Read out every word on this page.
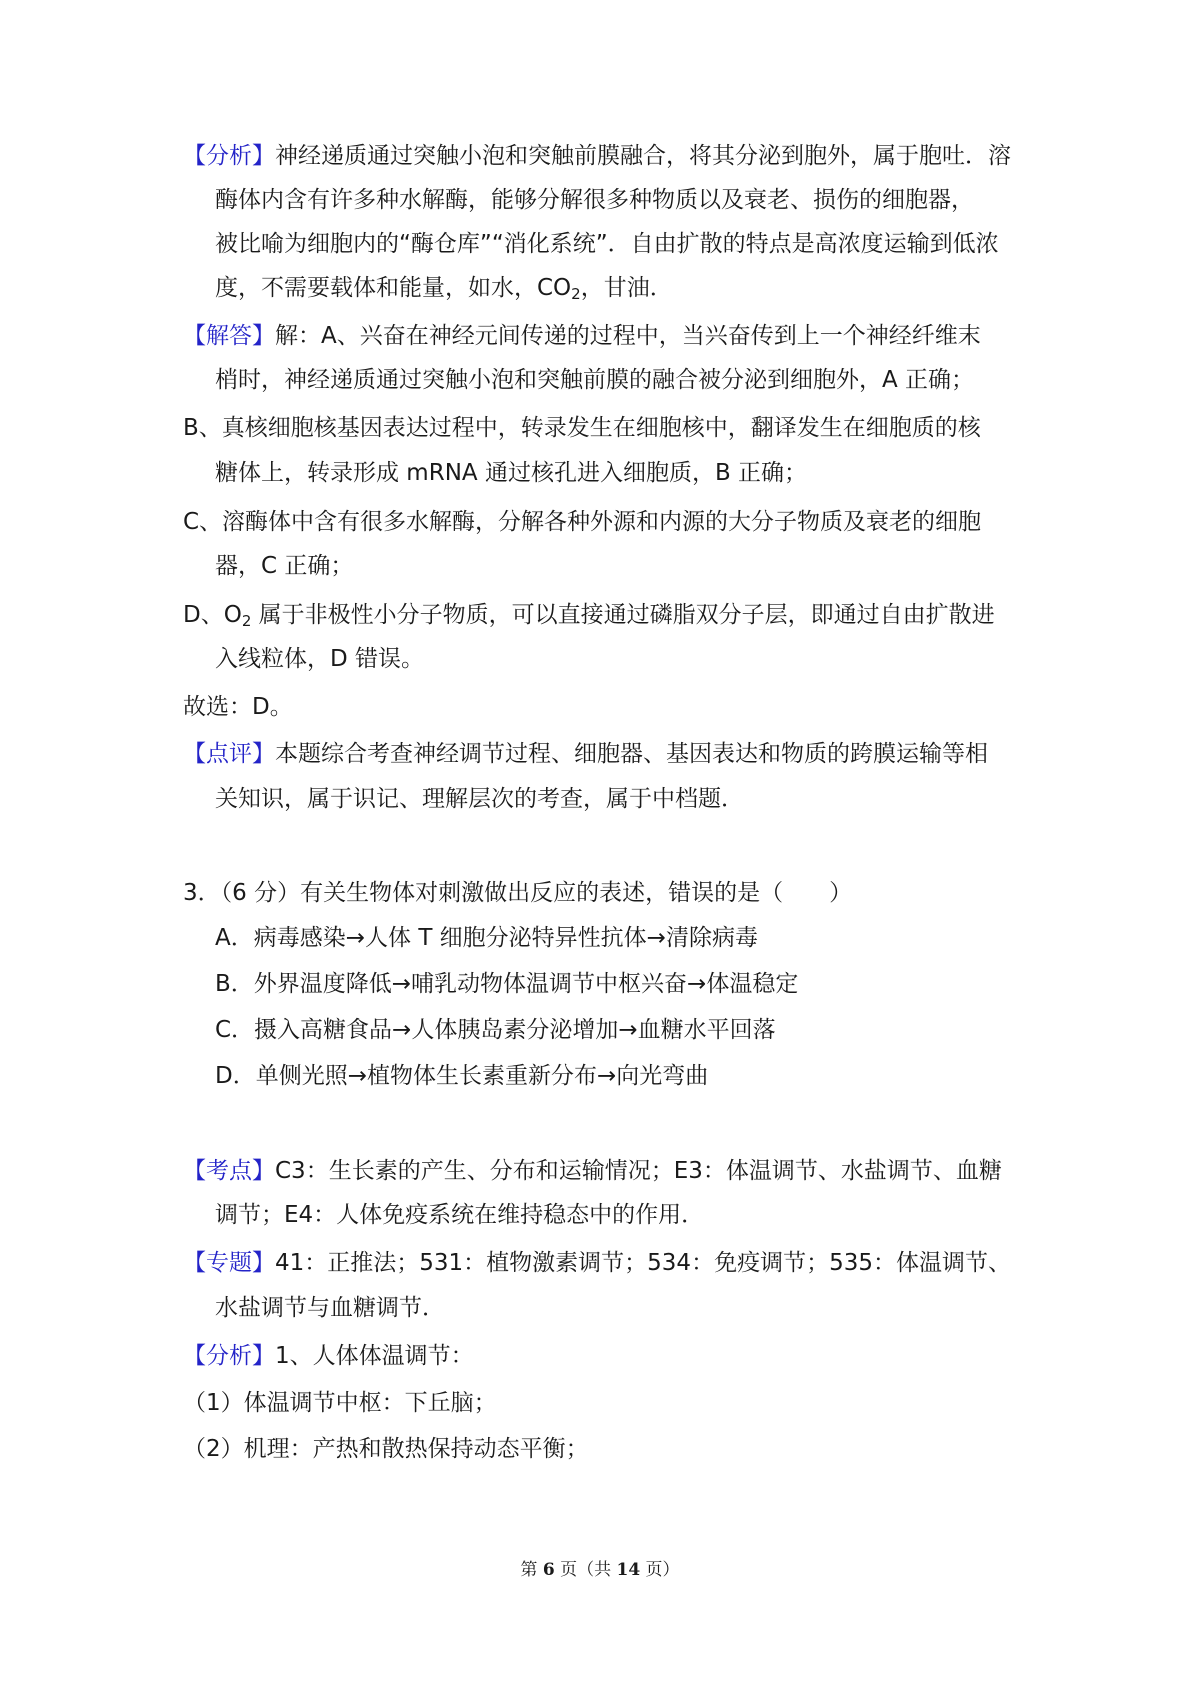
【分析】神经递质通过突触小泡和突触前膜融合，将其分泌到胞外，属于胞吐．溶

酶体内含有许多种水解酶，能够分解很多种物质以及衰老、损伤的细胞器，

被比喻为细胞内的“酶仓库”“消化系统”．自由扩散的特点是高浓度运输到低浓

度，不需要载体和能量，如水，$CO_2$，甘油．

【解答】解：A、兴奋在神经元间传递的过程中，当兴奋传到上一个神经纤维末

梢时，神经递质通过突触小泡和突触前膜的融合被分泌到细胞外，A 正确；

B、真核细胞核基因表达过程中，转录发生在细胞核中，翻译发生在细胞质的核

糖体上，转录形成 mRNA 通过核孔进入细胞质，B 正确；

C、溶酶体中含有很多水解酶，分解各种外源和内源的大分子物质及衰老的细胞

器，C 正确；

D、$O_2$ 属于非极性小分子物质，可以直接通过磷脂双分子层，即通过自由扩散进

入线粒体，D 错误。

故选：D。

【点评】本题综合考查神经调节过程、细胞器、基因表达和物质的跨膜运输等相

关知识，属于识记、理解层次的考查，属于中档题．

3．（6 分）有关生物体对刺激做出反应的表述，错误的是（　　）

A．病毒感染→人体 T 细胞分泌特异性抗体→清除病毒

B．外界温度降低→哺乳动物体温调节中枢兴奋→体温稳定

C．摄入高糖食品→人体胰岛素分泌增加→血糖水平回落

D．单侧光照→植物体生长素重新分布→向光弯曲

【考点】C3：生长素的产生、分布和运输情况；E3：体温调节、水盐调节、血糖

调节；E4：人体免疫系统在维持稳态中的作用．

【专题】41：正推法；531：植物激素调节；534：免疫调节；535：体温调节、

水盐调节与血糖调节．

【分析】1、人体体温调节：

（1）体温调节中枢：下丘脑；

（2）机理：产热和散热保持动态平衡；

第 6 页（共 14 页）
